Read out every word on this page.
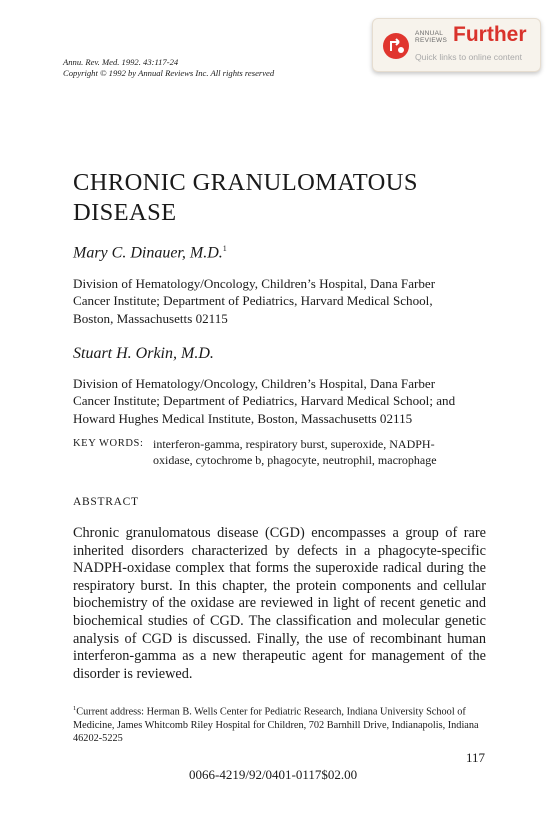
Annu. Rev. Med. 1992. 43:117-24
Copyright © 1992 by Annual Reviews Inc. All rights reserved
ANNUAL
REVIEWS Further
Quick links to online content
CHRONIC GRANULOMATOUS
DISEASE
Mary C. Dinauer, M.D.$^1$
Division of Hematology/Oncology, Children’s Hospital, Dana Farber
Cancer Institute; Department of Pediatrics, Harvard Medical School,
Boston, Massachusetts 02115
Stuart H. Orkin, M.D.
Division of Hematology/Oncology, Children’s Hospital, Dana Farber
Cancer Institute; Department of Pediatrics, Harvard Medical School; and
Howard Hughes Medical Institute, Boston, Massachusetts 02115
KEY WORDS: interferon-gamma, respiratory burst, superoxide, NADPH-
oxidase, cytochrome b, phagocyte, neutrophil, macrophage
ABSTRACT
Chronic granulomatous disease (CGD) encompasses a group of rare inherited disorders characterized by defects in a phagocyte-specific NADPH-oxidase complex that forms the superoxide radical during the respiratory burst. In this chapter, the protein components and cellular biochemistry of the oxidase are reviewed in light of recent genetic and biochemical studies of CGD. The classification and molecular genetic analysis of CGD is discussed. Finally, the use of recombinant human interferon-gamma as a new therapeutic agent for management of the disorder is reviewed.
$^1$Current address: Herman B. Wells Center for Pediatric Research, Indiana University School of Medicine, James Whitcomb Riley Hospital for Children, 702 Barnhill Drive, Indianapolis, Indiana 46202-5225
117
0066-4219/92/0401-0117$02.00
